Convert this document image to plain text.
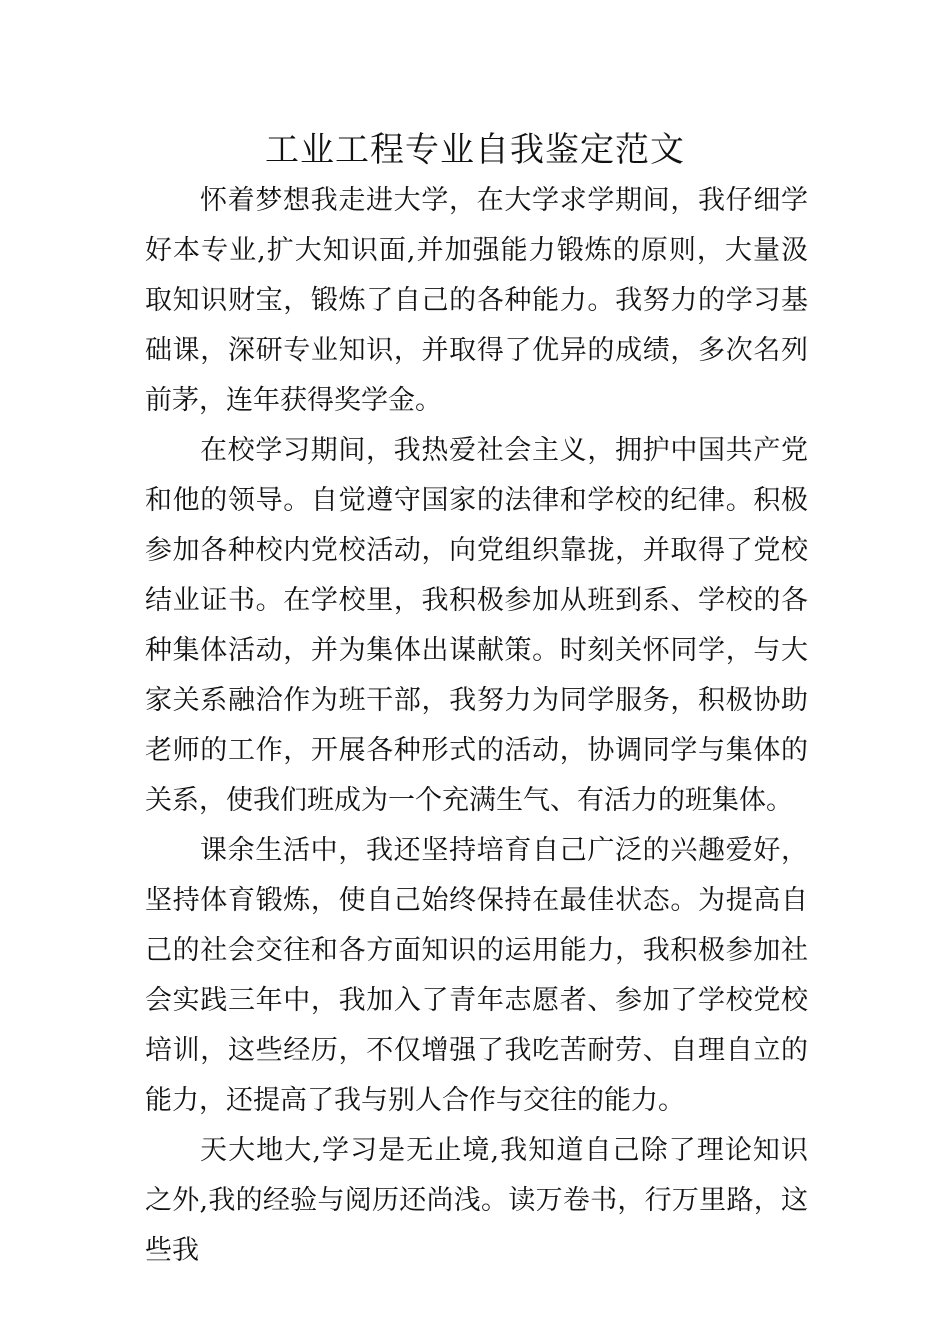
工业工程专业自我鉴定范文

怀着梦想我走进大学，在大学求学期间，我仔细学好本专业,扩大知识面,并加强能力锻炼的原则，大量汲取知识财宝，锻炼了自己的各种能力。我努力的学习基础课，深研专业知识，并取得了优异的成绩，多次名列前茅，连年获得奖学金。

在校学习期间，我热爱社会主义，拥护中国共产党和他的领导。自觉遵守国家的法律和学校的纪律。积极参加各种校内党校活动，向党组织靠拢，并取得了党校结业证书。在学校里，我积极参加从班到系、学校的各种集体活动，并为集体出谋献策。时刻关怀同学，与大家关系融洽作为班干部，我努力为同学服务，积极协助老师的工作，开展各种形式的活动，协调同学与集体的关系，使我们班成为一个充满生气、有活力的班集体。

课余生活中，我还坚持培育自己广泛的兴趣爱好，坚持体育锻炼，使自己始终保持在最佳状态。为提高自己的社会交往和各方面知识的运用能力，我积极参加社会实践三年中，我加入了青年志愿者、参加了学校党校培训，这些经历，不仅增强了我吃苦耐劳、自理自立的能力，还提高了我与别人合作与交往的能力。

天大地大,学习是无止境,我知道自己除了理论知识之外,我的经验与阅历还尚浅。读万卷书，行万里路，这些我
